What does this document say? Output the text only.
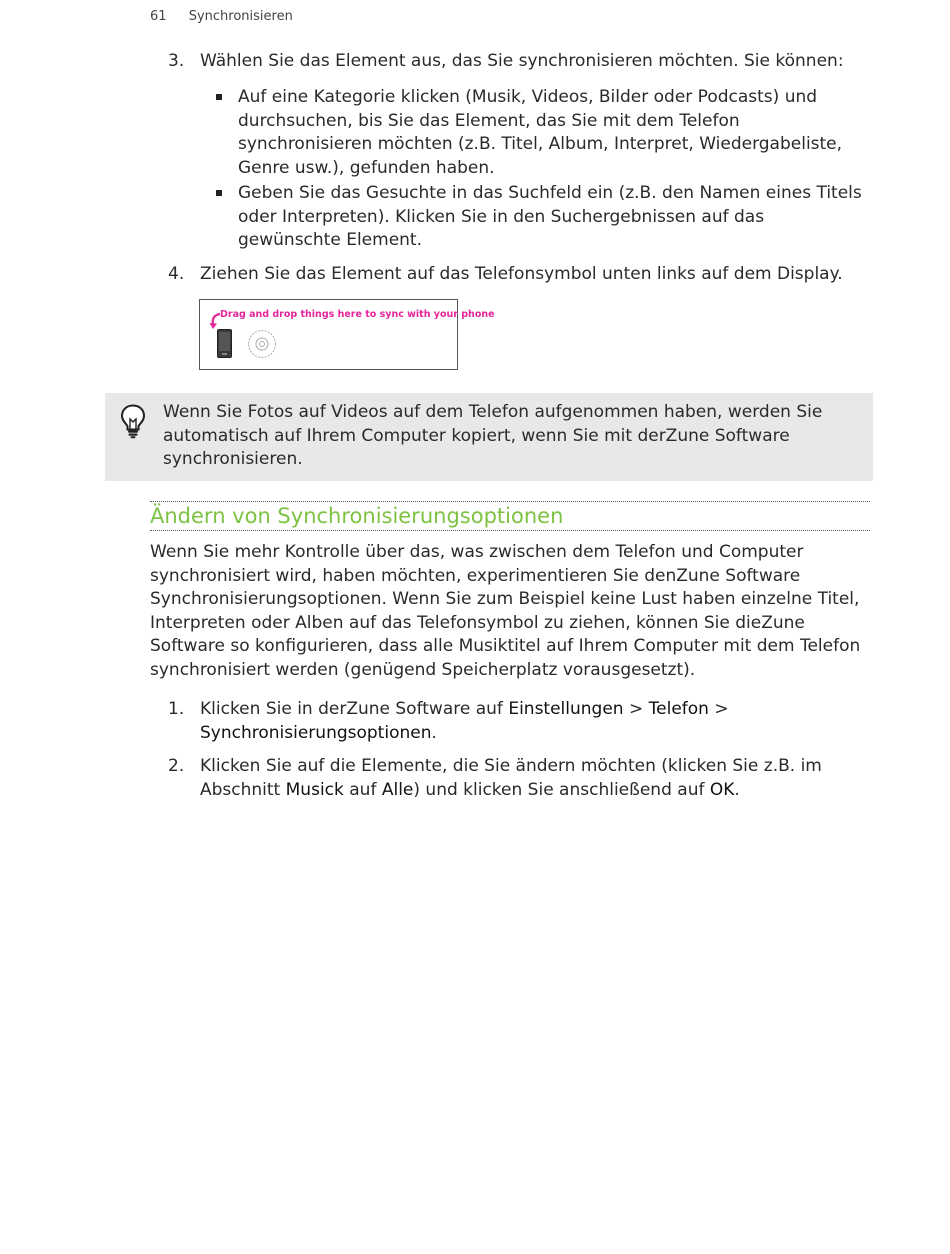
61 Synchronisieren
3. Wählen Sie das Element aus, das Sie synchronisieren möchten. Sie können:
Auf eine Kategorie klicken (Musik, Videos, Bilder oder Podcasts) und durchsuchen, bis Sie das Element, das Sie mit dem Telefon synchronisieren möchten (z.B. Titel, Album, Interpret, Wiedergabeliste, Genre usw.), gefunden haben.
Geben Sie das Gesuchte in das Suchfeld ein (z.B. den Namen eines Titels oder Interpreten). Klicken Sie in den Suchergebnissen auf das gewünschte Element.
4. Ziehen Sie das Element auf das Telefonsymbol unten links auf dem Display.
Drag and drop things here to sync with your phone
Wenn Sie Fotos auf Videos auf dem Telefon aufgenommen haben, werden Sie automatisch auf Ihrem Computer kopiert, wenn Sie mit derZune Software synchronisieren.
Ändern von Synchronisierungsoptionen
Wenn Sie mehr Kontrolle über das, was zwischen dem Telefon und Computer synchronisiert wird, haben möchten, experimentieren Sie denZune Software Synchronisierungsoptionen. Wenn Sie zum Beispiel keine Lust haben einzelne Titel, Interpreten oder Alben auf das Telefonsymbol zu ziehen, können Sie dieZune Software so konfigurieren, dass alle Musiktitel auf Ihrem Computer mit dem Telefon synchronisiert werden (genügend Speicherplatz vorausgesetzt).
1. Klicken Sie in derZune Software auf Einstellungen > Telefon > Synchronisierungsoptionen.
2. Klicken Sie auf die Elemente, die Sie ändern möchten (klicken Sie z.B. im Abschnitt Musick auf Alle) und klicken Sie anschließend auf OK.
